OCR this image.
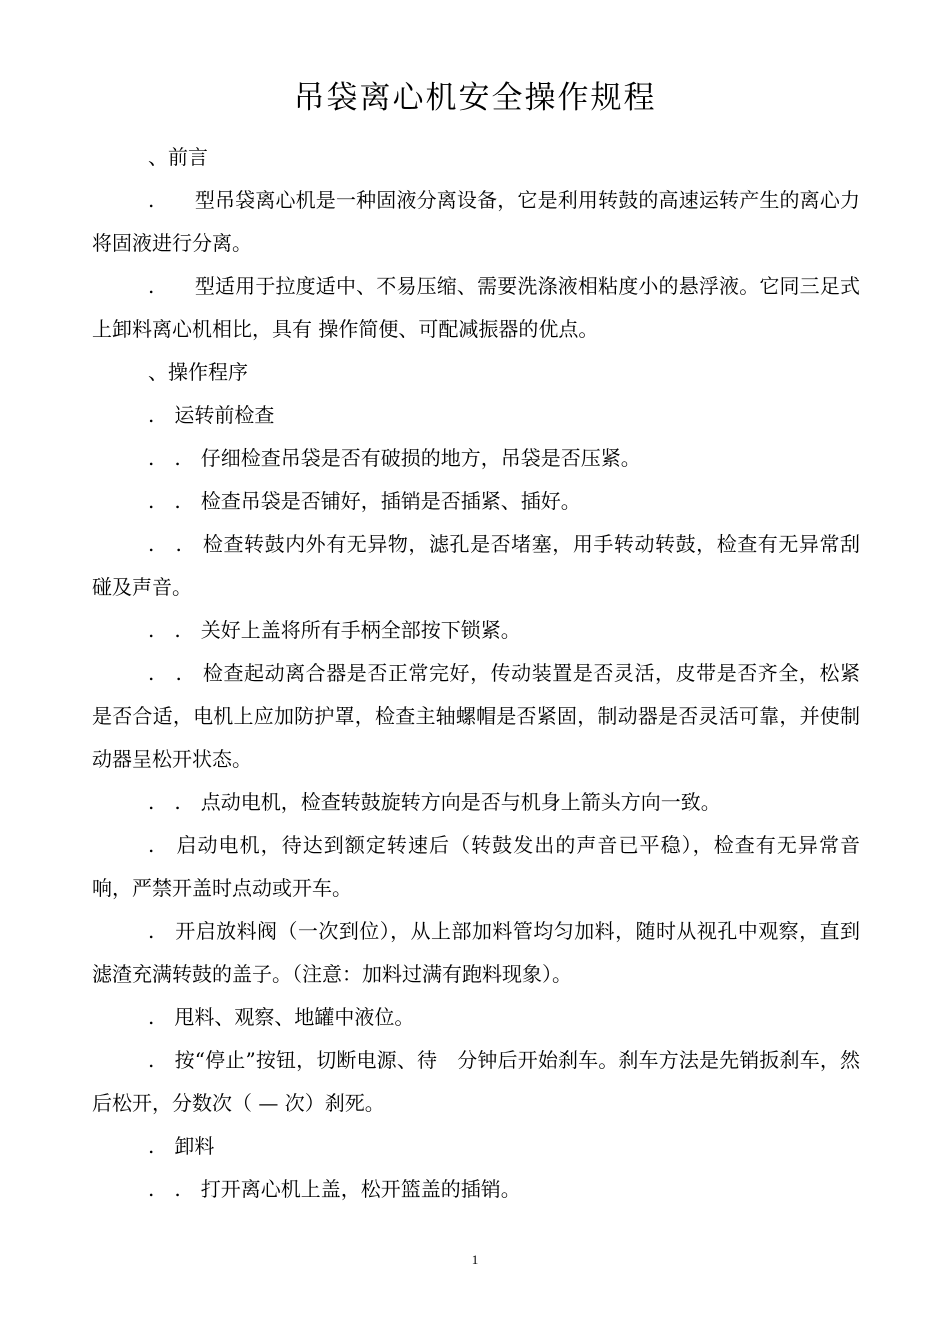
吊袋离心机安全操作规程

、前言

.　　型吊袋离心机是一种固液分离设备，它是利用转鼓的高速运转产生的离心力将固液进行分离。

.　　型适用于拉度适中、不易压缩、需要洗涤液相粘度小的悬浮液。它同三足式上卸料离心机相比，具有 操作简便、可配减振器的优点。

、操作程序

.　运转前检查

.　.　仔细检查吊袋是否有破损的地方，吊袋是否压紧。

.　.　检查吊袋是否铺好，插销是否插紧、插好。

.　.　检查转鼓内外有无异物，滤孔是否堵塞，用手转动转鼓，检查有无异常刮碰及声音。

.　.　关好上盖将所有手柄全部按下锁紧。

.　.　检查起动离合器是否正常完好，传动装置是否灵活，皮带是否齐全，松紧是否合适，电机上应加防护罩，检查主轴螺帽是否紧固，制动器是否灵活可靠，并使制动器呈松开状态。

.　.　点动电机，检查转鼓旋转方向是否与机身上箭头方向一致。

.　启动电机，待达到额定转速后（转鼓发出的声音已平稳），检查有无异常音响，严禁开盖时点动或开车。

.　开启放料阀（一次到位），从上部加料管均匀加料，随时从视孔中观察，直到滤渣充满转鼓的盖子。（注意：加料过满有跑料现象）。

.　甩料、观察、地罐中液位。

.　按“停止”按钮，切断电源、待　分钟后开始刹车。刹车方法是先销扳刹车，然后松开，分数次（ — 次）刹死。

.　卸料

.　.　打开离心机上盖，松开篮盖的插销。

1
